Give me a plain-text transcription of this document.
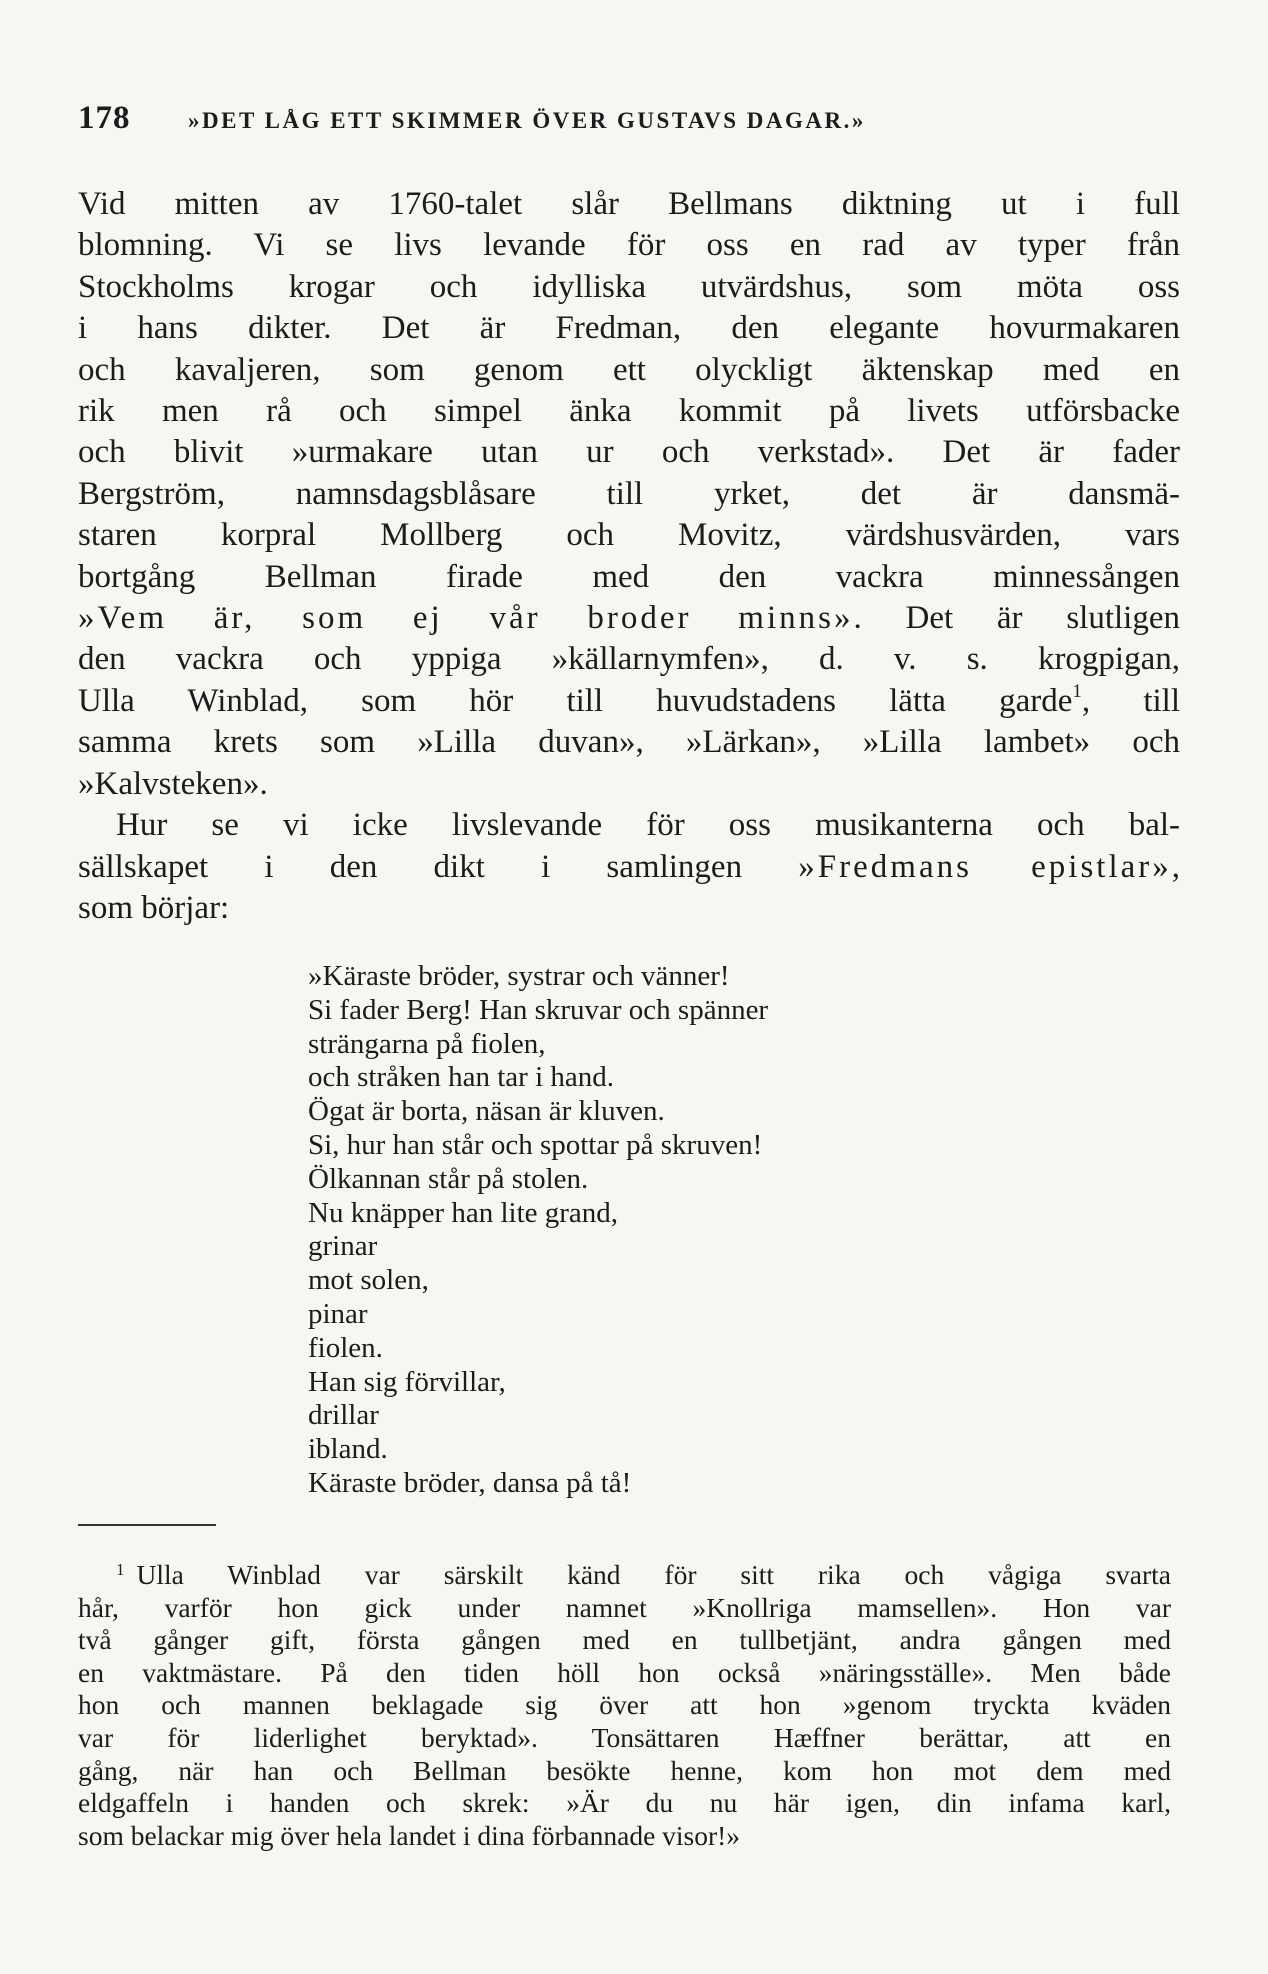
178	»DET LÅG ETT SKIMMER ÖVER GUSTAVS DAGAR.»
Vid mitten av 1760-talet slår Bellmans diktning ut i full
blomning. Vi se livs levande för oss en rad av typer från
Stockholms krogar och idylliska utvärdshus, som möta oss
i hans dikter. Det är Fredman, den elegante hovurmakaren
och kavaljeren, som genom ett olyckligt äktenskap med en
rik men rå och simpel änka kommit på livets utförsbacke
och blivit »urmakare utan ur och verkstad». Det är fader
Bergström, namnsdagsblåsare till yrket, det är dansmä-
staren korpral Mollberg och Movitz, värdshusvärden, vars
bortgång Bellman firade med den vackra minnessången
»Vem är, som ej vår broder minns». Det är slutligen
den vackra och yppiga »källarnymfen», d. v. s. krogpigan,
Ulla Winblad, som hör till huvudstadens lätta garde$^1$, till
samma krets som »Lilla duvan», »Lärkan», »Lilla lambet» och
»Kalvsteken».
Hur se vi icke livslevande för oss musikanterna och bal-
sällskapet i den dikt i samlingen »Fredmans epistlar»,
som börjar:
»Käraste bröder, systrar och vänner!
Si fader Berg! Han skruvar och spänner
strängarna på fiolen,
och stråken han tar i hand.
Ögat är borta, näsan är kluven.
Si, hur han står och spottar på skruven!
Ölkannan står på stolen.
Nu knäpper han lite grand,
grinar
mot solen,
pinar
fiolen.
Han sig förvillar,
drillar
ibland.
Käraste bröder, dansa på tå!
$^1$ Ulla Winblad var särskilt känd för sitt rika och vågiga svarta
hår, varför hon gick under namnet »Knollriga mamsellen». Hon var
två gånger gift, första gången med en tullbetjänt, andra gången med
en vaktmästare. På den tiden höll hon också »näringsställe». Men både
hon och mannen beklagade sig över att hon »genom tryckta kväden
var för liderlighet beryktad». Tonsättaren Hæffner berättar, att en
gång, när han och Bellman besökte henne, kom hon mot dem med
eldgaffeln i handen och skrek: »Är du nu här igen, din infama karl,
som belackar mig över hela landet i dina förbannade visor!»
